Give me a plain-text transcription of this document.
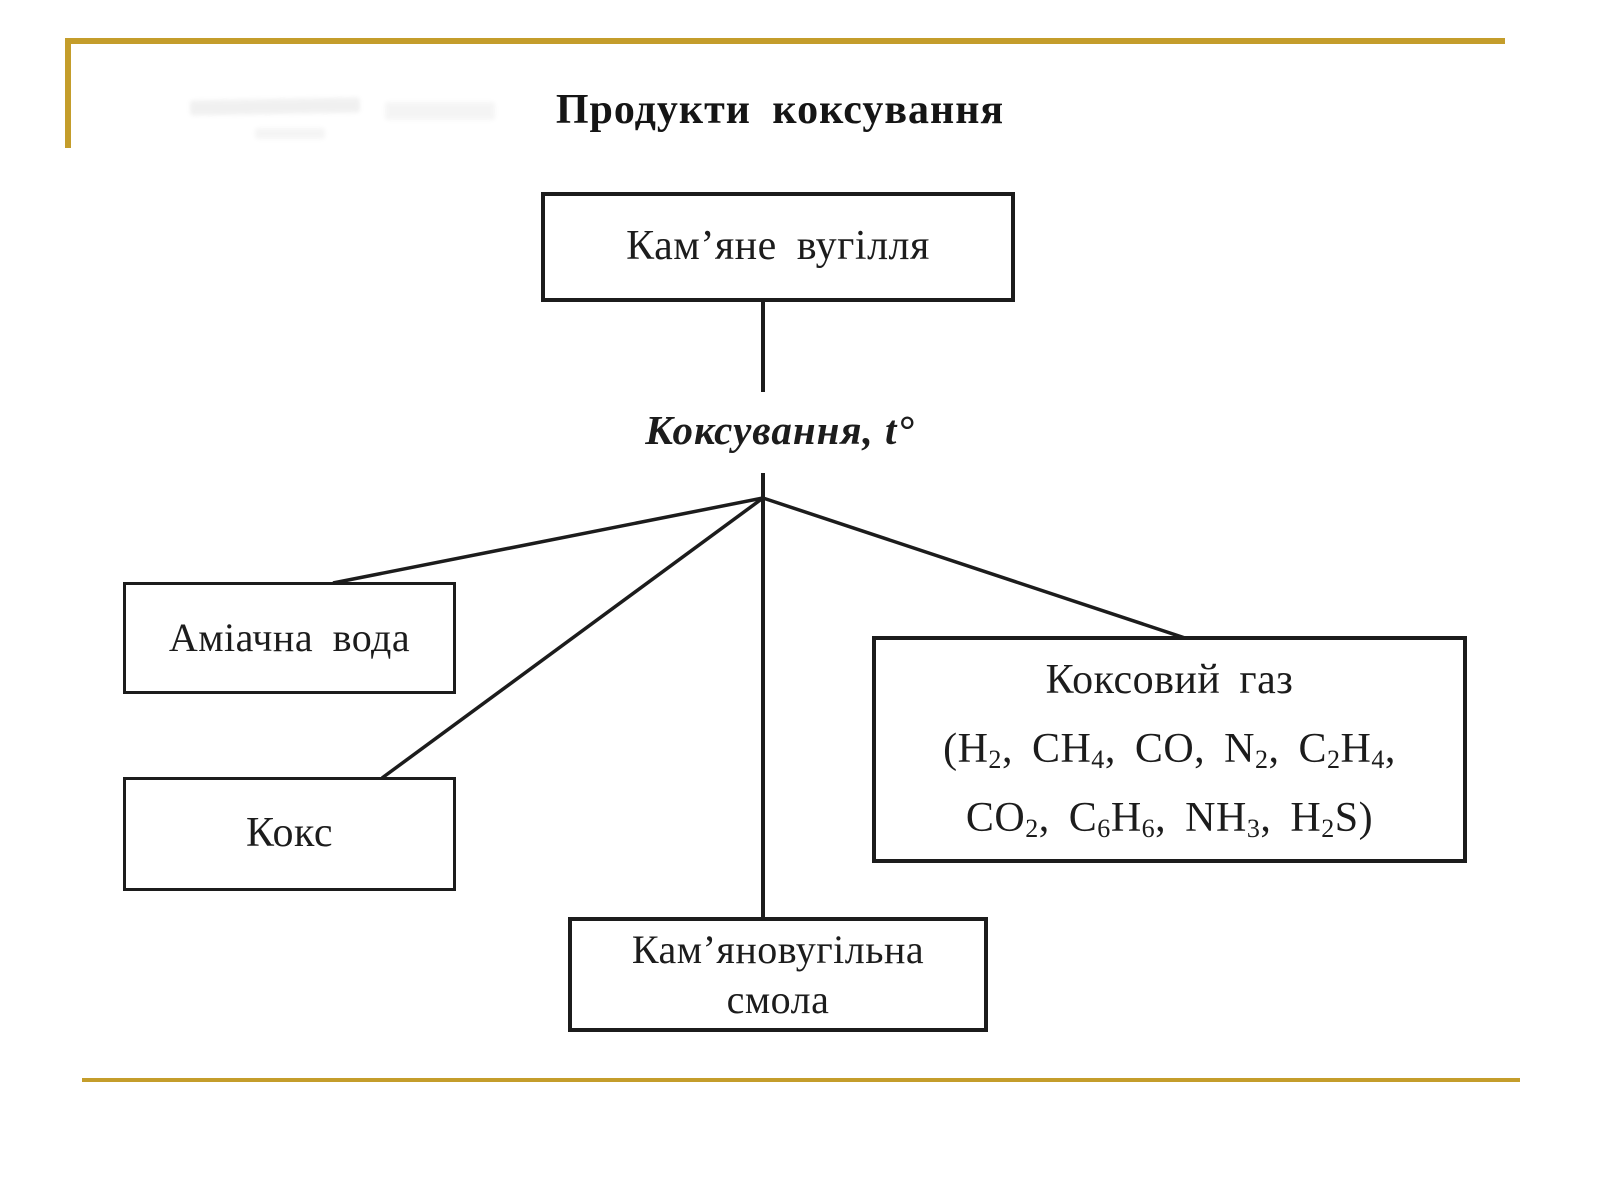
Продукти коксування
Кам’яне вугілля
Коксування, t°
Аміачна вода
Кокс
Кам’яновугільна
смола
Коксовий газ
($H_2$, $CH_4$, CO, $N_2$, $C_2H_4$,
$CO_2$, $C_6H_6$, $NH_3$, $H_2S$)
